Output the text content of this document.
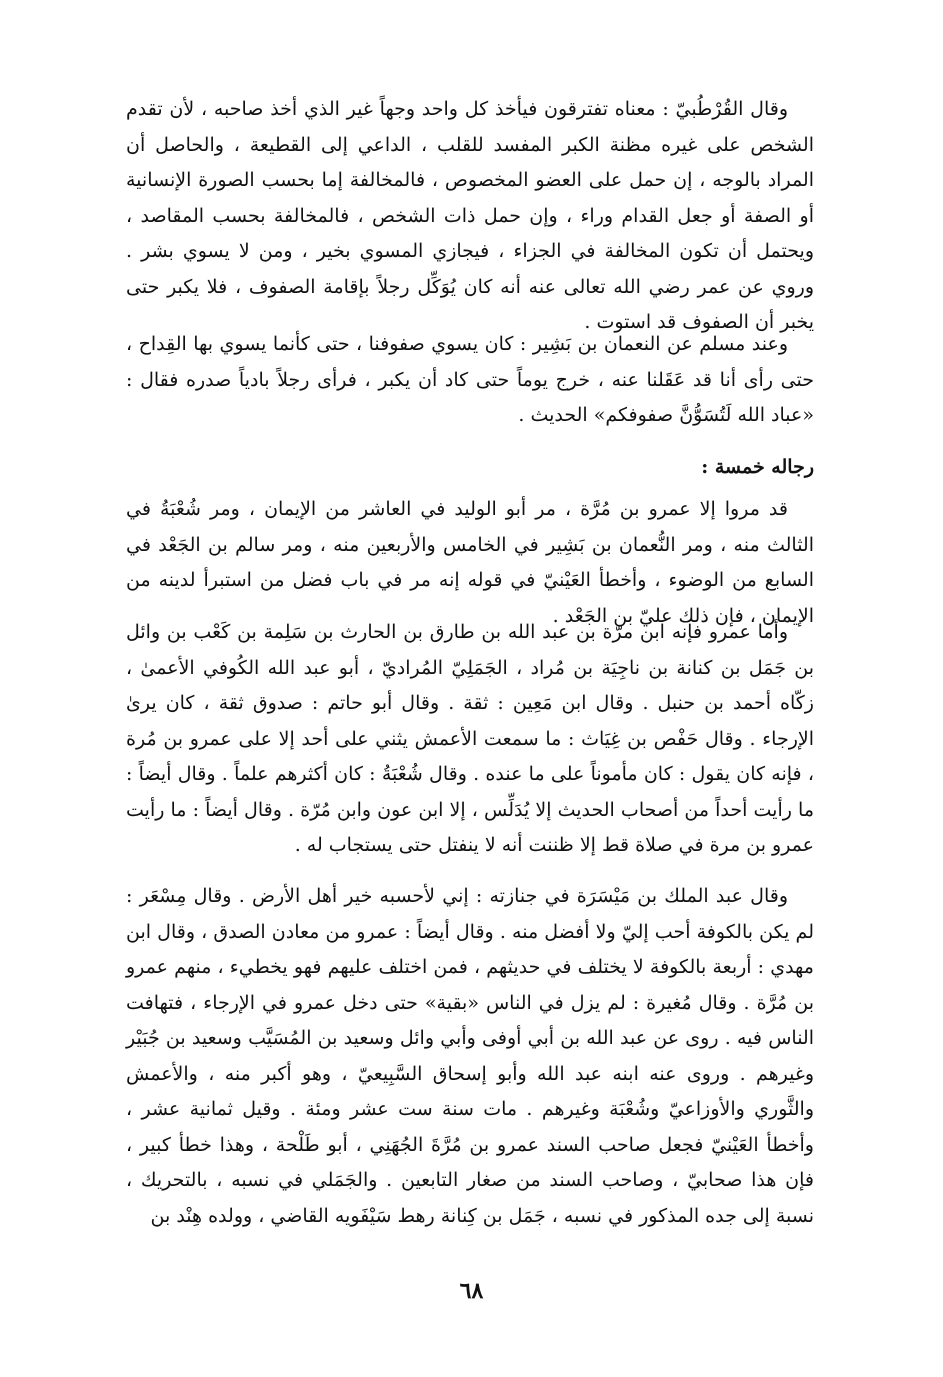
وقال القُرْطُبيّ : معناه تفترقون فيأخذ كل واحد وجهاً غير الذي أخذ صاحبه ، لأن تقدم الشخص على غيره مظنة الكبر المفسد للقلب ، الداعي إلى القطيعة ، والحاصل أن المراد بالوجه ، إن حمل على العضو المخصوص ، فالمخالفة إما بحسب الصورة الإنسانية أو الصفة أو جعل القدام وراء ، وإن حمل ذات الشخص ، فالمخالفة بحسب المقاصد ، ويحتمل أن تكون المخالفة في الجزاء ، فيجازي المسوي بخير ، ومن لا يسوي بشر . وروي عن عمر رضي الله تعالى عنه أنه كان يُوَكِّل رجلاً بإقامة الصفوف ، فلا يكبر حتى يخبر أن الصفوف قد استوت .

وعند مسلم عن النعمان بن بَشِير : كان يسوي صفوفنا ، حتى كأنما يسوي بها القِداح ، حتى رأى أنا قد عَقَلنا عنه ، خرج يوماً حتى كاد أن يكبر ، فرأى رجلاً بادياً صدره فقال : «عباد الله لَتُسَوُّنَّ صفوفكم» الحديث .

رجاله خمسة :

قد مروا إلا عمرو بن مُرَّة ، مر أبو الوليد في العاشر من الإيمان ، ومر شُعْبَةُ في الثالث منه ، ومر النُّعمان بن بَشِير في الخامس والأربعين منه ، ومر سالم بن الجَعْد في السابع من الوضوء ، وأخطأ العَيْنيّ في قوله إنه مر في باب فضل من استبرأ لدينه من الإيمان ، فإن ذلك عليّ بن الجَعْد .

وأما عمرو فإنه ابن مرّة بن عبد الله بن طارق بن الحارث بن سَلِمة بن كَعْب بن وائل بن جَمَل بن كنانة بن ناجِيَة بن مُراد ، الجَمَلِيّ المُراديّ ، أبو عبد الله الكُوفي الأعمىٰ ، زكّاه أحمد بن حنبل . وقال ابن مَعِين : ثقة . وقال أبو حاتم : صدوق ثقة ، كان يرىٰ الإرجاء . وقال حَفْص بن غِيَاث : ما سمعت الأعمش يثني على أحد إلا على عمرو بن مُرة ، فإنه كان يقول : كان مأموناً على ما عنده . وقال شُعْبَةُ : كان أكثرهم علماً . وقال أيضاً : ما رأيت أحداً من أصحاب الحديث إلا يُدَلِّس ، إلا ابن عون وابن مُرّة . وقال أيضاً : ما رأيت عمرو بن مرة في صلاة قط إلا ظننت أنه لا ينفتل حتى يستجاب له .

وقال عبد الملك بن مَيْسَرَة في جنازته : إني لأحسبه خير أهل الأرض . وقال مِسْعَر : لم يكن بالكوفة أحب إليّ ولا أفضل منه . وقال أيضاً : عمرو من معادن الصدق ، وقال ابن مهدي : أربعة بالكوفة لا يختلف في حديثهم ، فمن اختلف عليهم فهو يخطيء ، منهم عمرو بن مُرَّة . وقال مُغيرة : لم يزل في الناس «بقية» حتى دخل عمرو في الإرجاء ، فتهافت الناس فيه . روى عن عبد الله بن أبي أوفى وأبي وائل وسعيد بن المُسَيَّب وسعيد بن جُبَيْر وغيرهم . وروى عنه ابنه عبد الله وأبو إسحاق السَّبِيعيّ ، وهو أكبر منه ، والأعمش والثَّوري والأوزاعيّ وشُعْبَة وغيرهم . مات سنة ست عشر ومئة . وقيل ثمانية عشر ، وأخطأ العَيْنيّ فجعل صاحب السند عمرو بن مُرَّةَ الجُهَنِي ، أبو طَلْحة ، وهذا خطأ كبير ، فإن هذا صحابيّ ، وصاحب السند من صغار التابعين . والجَمَلي في نسبه ، بالتحريك ، نسبة إلى جده المذكور في نسبه ، جَمَل بن كِنانة رهط سَيْفَويه القاضي ، وولده هِنْد بن

٦٨
